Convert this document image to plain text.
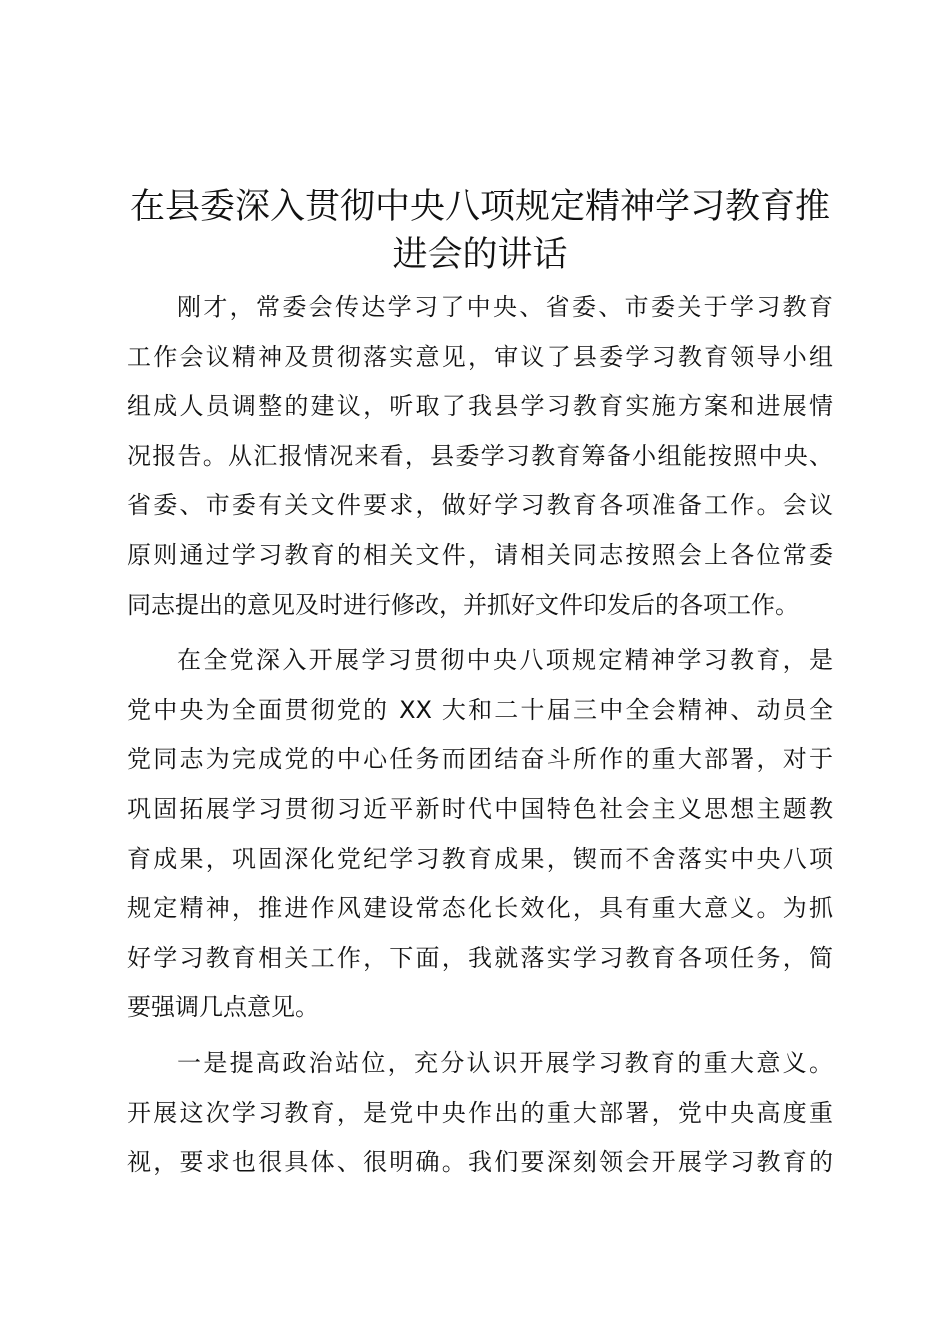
在县委深入贯彻中央八项规定精神学习教育推
进会的讲话

刚才，常委会传达学习了中央、省委、市委关于学习教育
工作会议精神及贯彻落实意见，审议了县委学习教育领导小组
组成人员调整的建议，听取了我县学习教育实施方案和进展情
况报告。从汇报情况来看，县委学习教育筹备小组能按照中央、
省委、市委有关文件要求，做好学习教育各项准备工作。会议
原则通过学习教育的相关文件，请相关同志按照会上各位常委
同志提出的意见及时进行修改，并抓好文件印发后的各项工作。

在全党深入开展学习贯彻中央八项规定精神学习教育，是
党中央为全面贯彻党的 XX 大和二十届三中全会精神、动员全
党同志为完成党的中心任务而团结奋斗所作的重大部署，对于
巩固拓展学习贯彻习近平新时代中国特色社会主义思想主题教
育成果，巩固深化党纪学习教育成果，锲而不舍落实中央八项
规定精神，推进作风建设常态化长效化，具有重大意义。为抓
好学习教育相关工作，下面，我就落实学习教育各项任务，简
要强调几点意见。

一是提高政治站位，充分认识开展学习教育的重大意义。
开展这次学习教育，是党中央作出的重大部署，党中央高度重
视，要求也很具体、很明确。我们要深刻领会开展学习教育的
